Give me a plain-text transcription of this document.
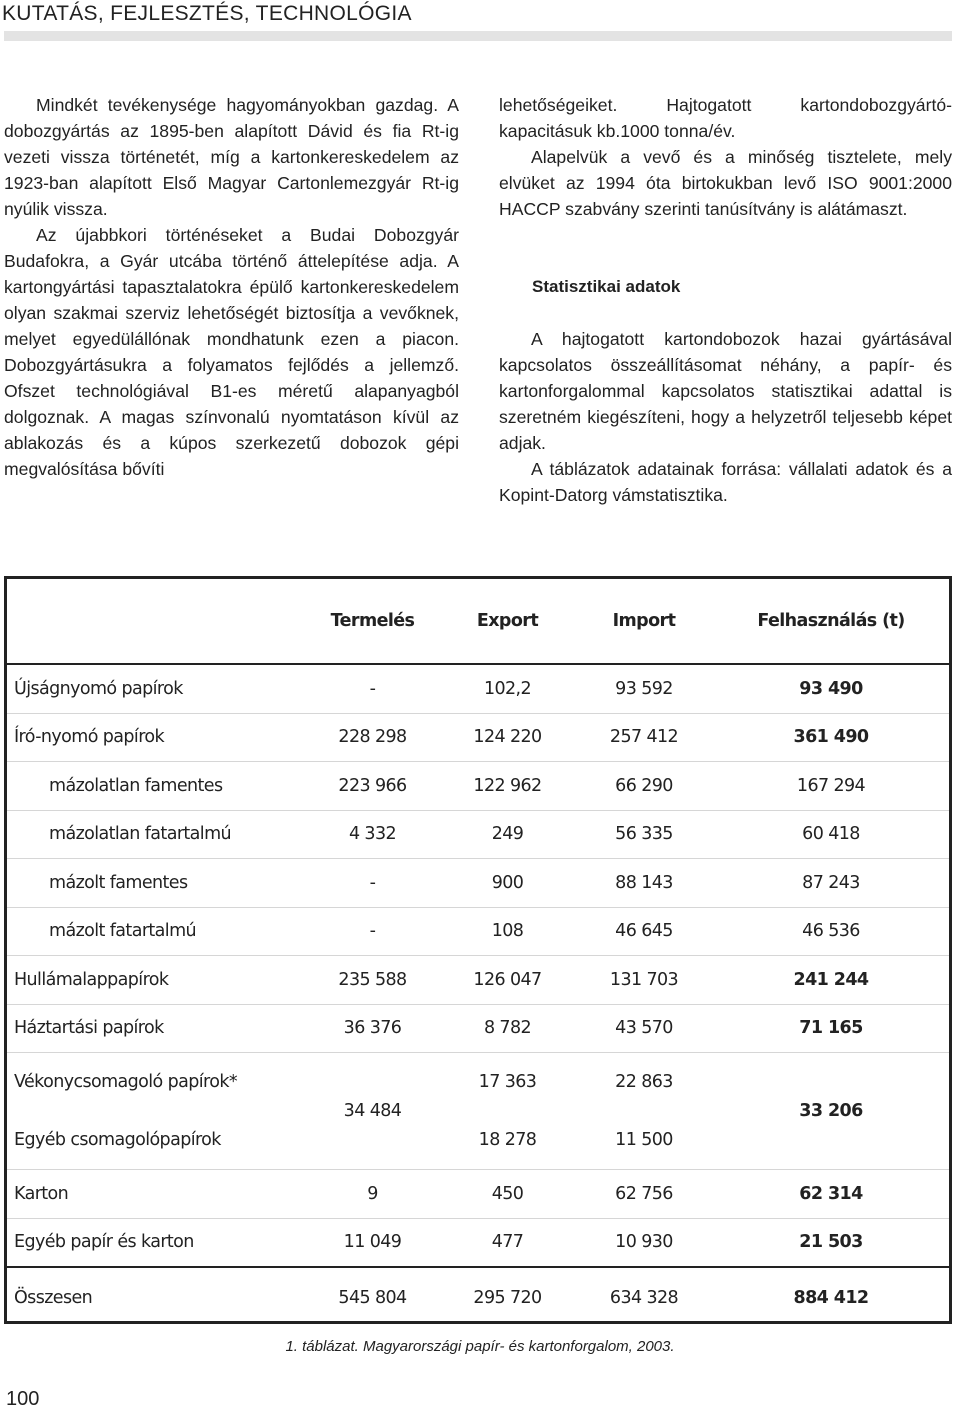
KUTATÁS, FEJLESZTÉS, TECHNOLÓGIA

Mindkét tevékenysége hagyományokban gazdag. A dobozgyártás az 1895-ben alapított Dávid és fia Rt-ig vezeti vissza történetét, míg a kartonkereskedelem az 1923-ban alapított Első Magyar Cartonlemezgyár Rt-ig nyúlik vissza.

Az újabbkori történéseket a Budai Dobozgyár Budafokra, a Gyár utcába történő áttelepítése adja. A kartongyártási tapasztalatokra épülő kartonkereskedelem olyan szakmai szerviz lehetőségét biztosítja a vevőknek, melyet egyedülállónak mondhatunk ezen a piacon. Dobozgyártásukra a folyamatos fejlődés a jellemző. Ofszet technológiával B1-es méretű alapanyagból dolgoznak. A magas színvonalú nyomtatáson kívül az ablakozás és a kúpos szerkezetű dobozok gépi megvalósítása bővíti

lehetőségeiket. Hajtogatott kartondobozgyártó-kapacitásuk kb.1000 tonna/év.

Alapelvük a vevő és a minőség tisztelete, mely elvüket az 1994 óta birtokukban levő ISO 9001:2000 HACCP szabvány szerinti tanúsítvány is alátámaszt.

Statisztikai adatok

A hajtogatott kartondobozok hazai gyártásával kapcsolatos összeállításomat néhány, a papír- és kartonforgalommal kapcsolatos statisztikai adattal is szeretném kiegészíteni, hogy a helyzetről teljesebb képet adjak.

A táblázatok adatainak forrása: vállalati adatok és a Kopint-Datorg vámstatisztika.

	Termelés	Export	Import	Felhasználás (t)
Újságnyomó papírok	-	102,2	93 592	93 490
Író-nyomó papírok	228 298	124 220	257 412	361 490
mázolatlan famentes	223 966	122 962	66 290	167 294
mázolatlan fatartalmú	4 332	249	56 335	60 418
mázolt famentes	-	900	88 143	87 243
mázolt fatartalmú	-	108	46 645	46 536
Hullámalappapírok	235 588	126 047	131 703	241 244
Háztartási papírok	36 376	8 782	43 570	71 165
Vékonycsomagoló papírok*	34 484	17 363	22 863	33 206
Egyéb csomagolópapírok		18 278	11 500	
Karton	9	450	62 756	62 314
Egyéb papír és karton	11 049	477	10 930	21 503
Összesen	545 804	295 720	634 328	884 412
1. táblázat. Magyarországi papír- és kartonforgalom, 2003.
100
